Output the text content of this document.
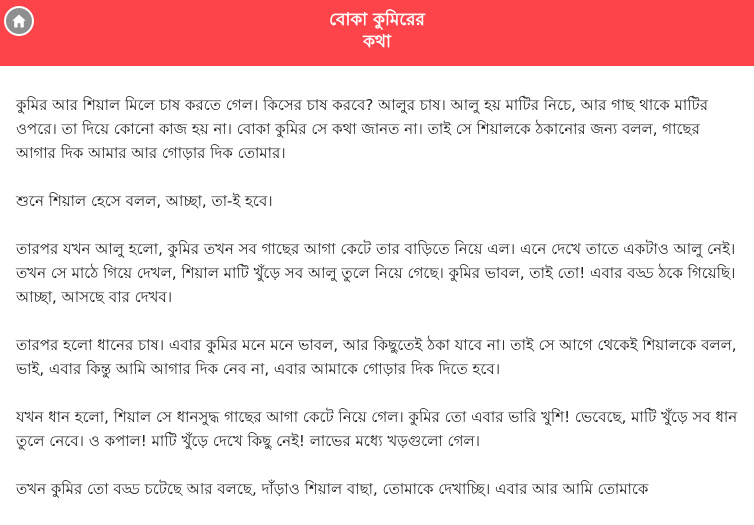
বোকা কুমিরের
কথা

কুমির আর শিয়াল মিলে চাষ করতে গেল। কিসের চাষ করবে? আলুর চাষ। আলু হয় মাটির নিচে, আর গাছ থাকে মাটির ওপরে। তা দিয়ে কোনো কাজ হয় না। বোকা কুমির সে কথা জানত না। তাই সে শিয়ালকে ঠকানোর জন্য বলল, গাছের আগার দিক আমার আর গোড়ার দিক তোমার।

শুনে শিয়াল হেসে বলল, আচ্ছা, তা-ই হবে।

তারপর যখন আলু হলো, কুমির তখন সব গাছের আগা কেটে তার বাড়িতে নিয়ে এল। এনে দেখে তাতে একটাও আলু নেই। তখন সে মাঠে গিয়ে দেখল, শিয়াল মাটি খুঁড়ে সব আলু তুলে নিয়ে গেছে। কুমির ভাবল, তাই তো! এবার বড্ড ঠকে গিয়েছি। আচ্ছা, আসছে বার দেখব।

তারপর হলো ধানের চাষ। এবার কুমির মনে মনে ভাবল, আর কিছুতেই ঠকা যাবে না। তাই সে আগে থেকেই শিয়ালকে বলল, ভাই, এবার কিন্তু আমি আগার দিক নেব না, এবার আমাকে গোড়ার দিক দিতে হবে।

যখন ধান হলো, শিয়াল সে ধানসুদ্ধ গাছের আগা কেটে নিয়ে গেল। কুমির তো এবার ভারি খুশি! ভেবেছে, মাটি খুঁড়ে সব ধান তুলে নেবে। ও কপাল! মাটি খুঁড়ে দেখে কিছু নেই! লাভের মধ্যে খড়গুলো গেল।

তখন কুমির তো বড্ড চটেছে আর বলছে, দাঁড়াও শিয়াল বাছা, তোমাকে দেখাচ্ছি। এবার আর আমি তোমাকে
